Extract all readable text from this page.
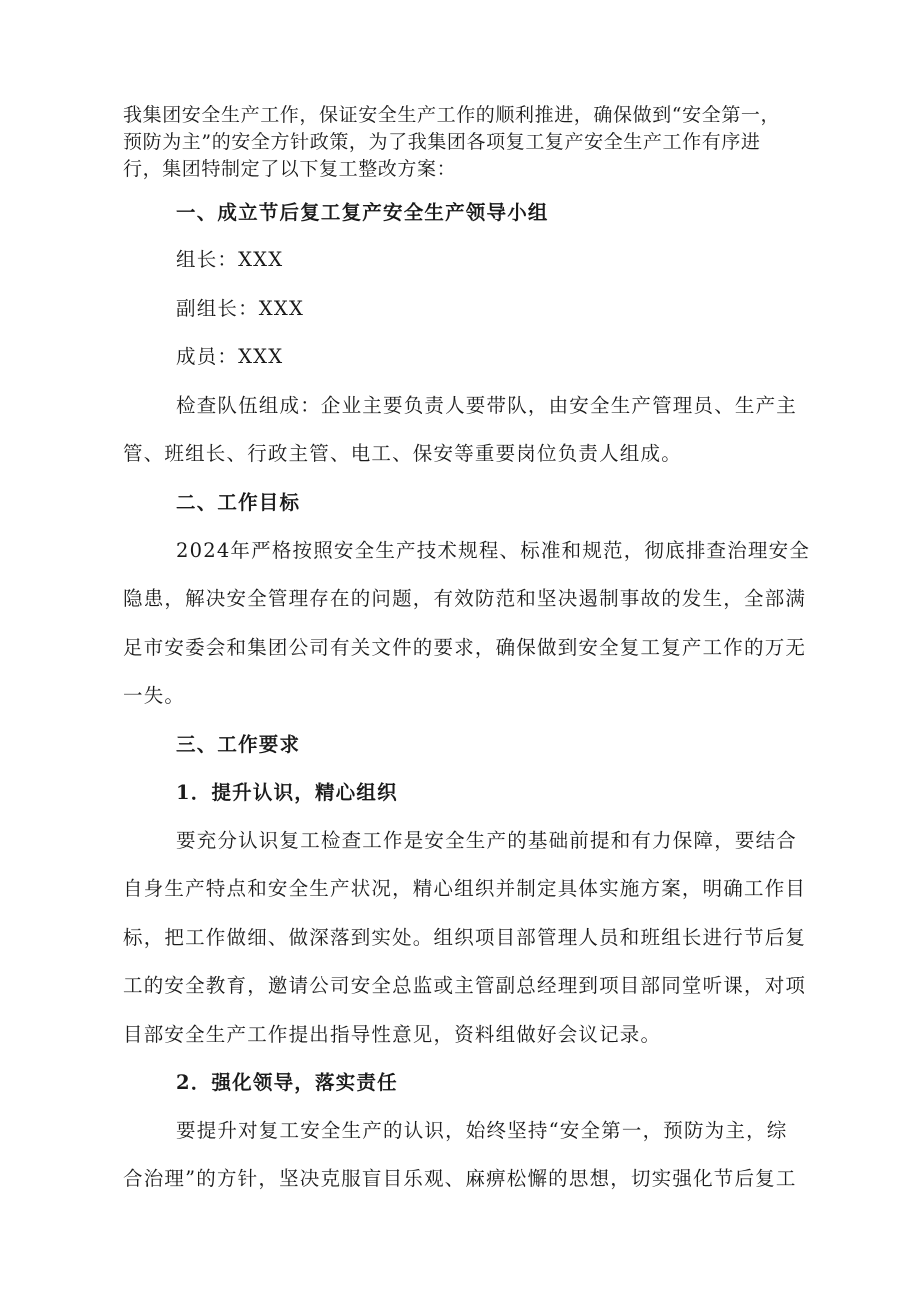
我集团安全生产工作，保证安全生产工作的顺利推进，确保做到“安全第一，
预防为主”的安全方针政策，为了我集团各项复工复产安全生产工作有序进
行，集团特制定了以下复工整改方案：
一、成立节后复工复产安全生产领导小组
组长：XXX
副组长：XXX
成员：XXX
检查队伍组成：企业主要负责人要带队，由安全生产管理员、生产主
管、班组长、行政主管、电工、保安等重要岗位负责人组成。
二、工作目标
2024年严格按照安全生产技术规程、标准和规范，彻底排查治理安全
隐患，解决安全管理存在的问题，有效防范和坚决遏制事故的发生，全部满
足市安委会和集团公司有关文件的要求，确保做到安全复工复产工作的万无
一失。
三、工作要求
1．提升认识，精心组织
要充分认识复工检查工作是安全生产的基础前提和有力保障，要结合
自身生产特点和安全生产状况，精心组织并制定具体实施方案，明确工作目
标，把工作做细、做深落到实处。组织项目部管理人员和班组长进行节后复
工的安全教育，邀请公司安全总监或主管副总经理到项目部同堂听课，对项
目部安全生产工作提出指导性意见，资料组做好会议记录。
2．强化领导，落实责任
要提升对复工安全生产的认识，始终坚持“安全第一，预防为主，综
合治理”的方针，坚决克服盲目乐观、麻痹松懈的思想，切实强化节后复工
